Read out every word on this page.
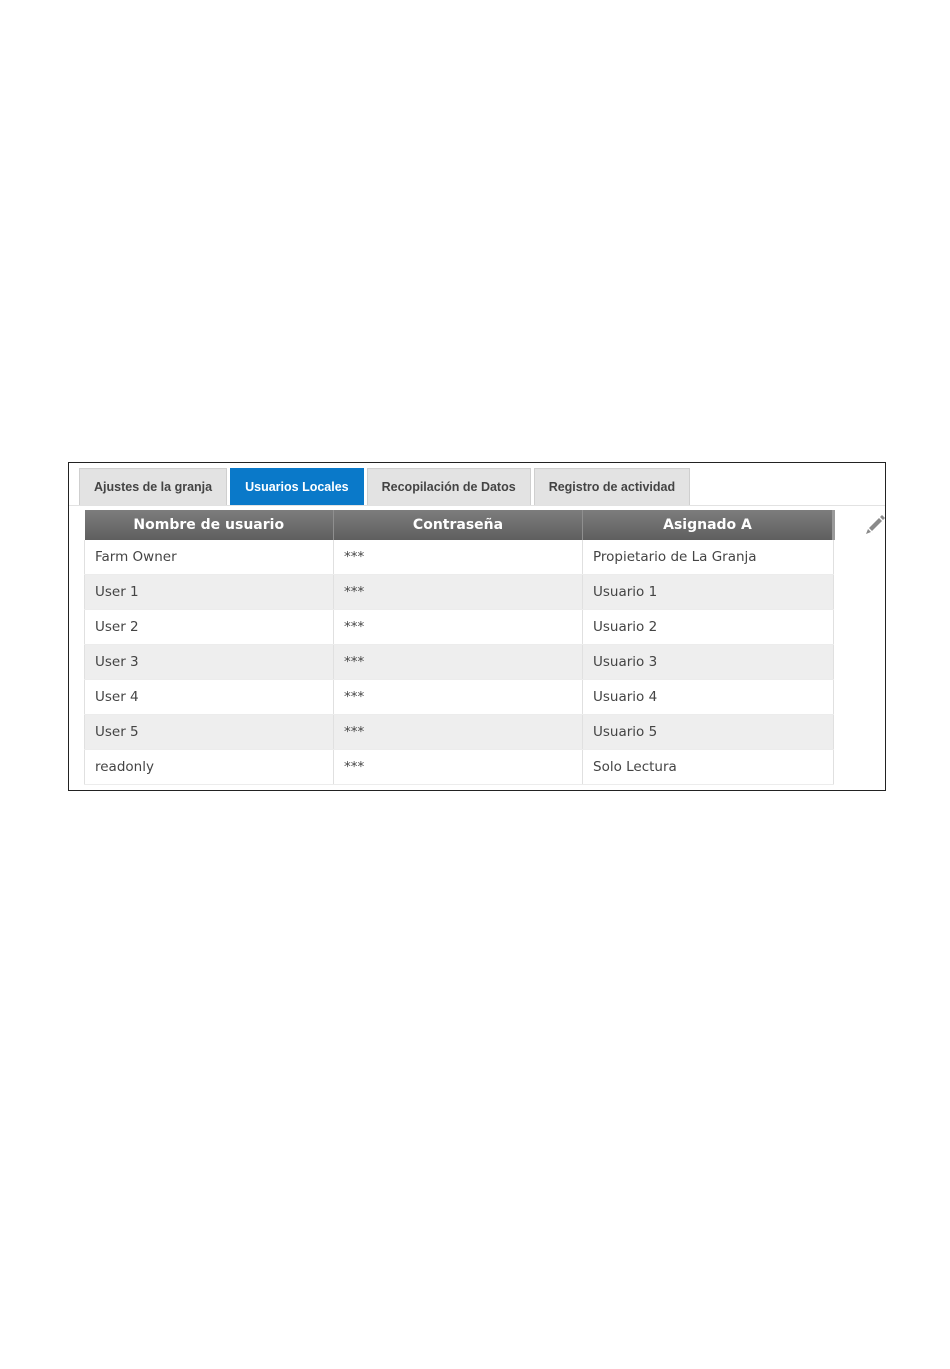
Ajustes de la granja	Usuarios Locales	Recopilación de Datos	Registro de actividad
Nombre de usuario	Contraseña	Asignado A
Farm Owner	***	Propietario de La Granja
User 1	***	Usuario 1
User 2	***	Usuario 2
User 3	***	Usuario 3
User 4	***	Usuario 4
User 5	***	Usuario 5
readonly	***	Solo Lectura
